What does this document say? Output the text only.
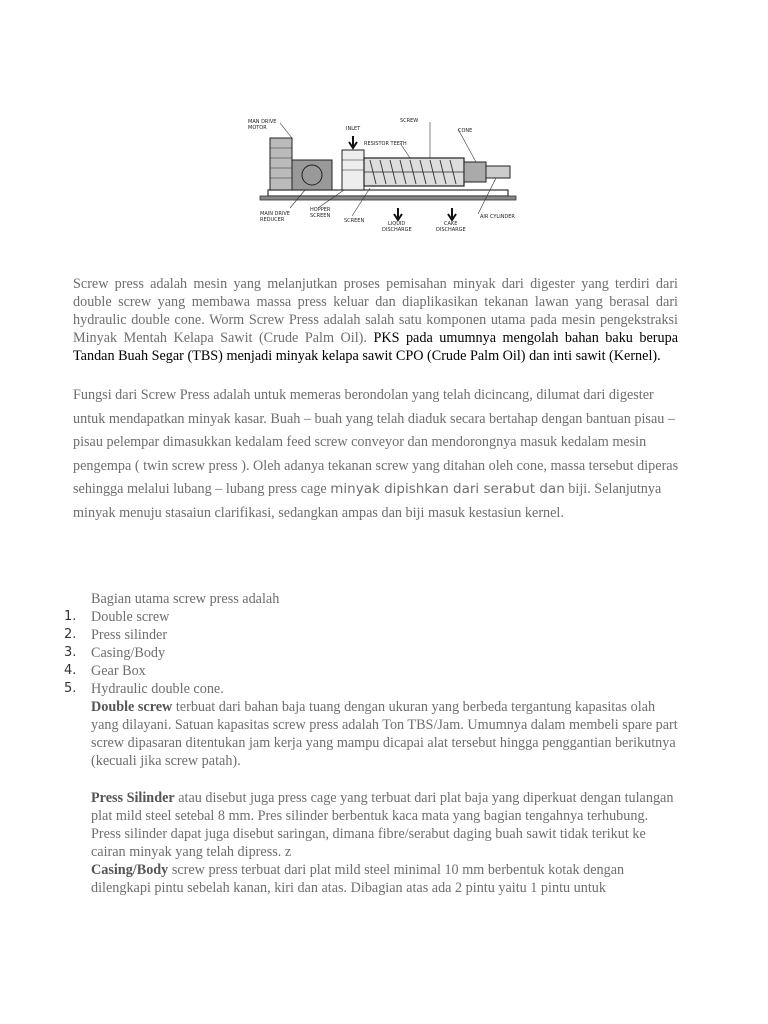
MAN DRIVE
MOTOR	INLET
SCREW
CONE
RESISTOR TEETH
MAIN DRIVE
REDUCER
HOPPER
SCREEN
SCREEN	LIQUID
DISCHARGE
CAKE
DISCHARGE
AIR CYLINDER

Screw press adalah mesin yang melanjutkan proses pemisahan minyak dari digester yang terdiri dari double screw yang membawa massa press keluar dan diaplikasikan tekanan lawan yang berasal dari hydraulic double cone. Worm Screw Press adalah salah satu komponen utama pada mesin pengekstraksi Minyak Mentah Kelapa Sawit (Crude Palm Oil). PKS pada umumnya mengolah bahan baku berupa Tandan Buah Segar (TBS) menjadi minyak kelapa sawit CPO (Crude Palm Oil) dan inti sawit (Kernel).

Fungsi dari Screw Press adalah untuk memeras berondolan yang telah dicincang, dilumat dari digester untuk mendapatkan minyak kasar. Buah – buah yang telah diaduk secara bertahap dengan bantuan pisau – pisau pelempar dimasukkan kedalam feed screw conveyor dan mendorongnya masuk kedalam mesin pengempa ( twin screw press ). Oleh adanya tekanan screw yang ditahan oleh cone, massa tersebut diperas sehingga melalui lubang – lubang press cage minyak dipishkan dari serabut dan biji. Selanjutnya minyak menuju stasaiun clarifikasi, sedangkan ampas dan biji masuk kestasiun kernel.

Bagian utama screw press adalah
1.	Double screw
2.	Press silinder
3.	Casing/Body
4.	Gear Box
5.	Hydraulic double cone.
Double screw terbuat dari bahan baja tuang dengan ukuran yang berbeda tergantung kapasitas olah yang dilayani. Satuan kapasitas screw press adalah Ton TBS/Jam. Umumnya dalam membeli spare part screw dipasaran ditentukan jam kerja yang mampu dicapai alat tersebut hingga penggantian berikutnya (kecuali jika screw patah).
Press Silinder atau disebut juga press cage yang terbuat dari plat baja yang diperkuat dengan tulangan plat mild steel setebal 8 mm. Pres silinder berbentuk kaca mata yang bagian tengahnya terhubung. Press silinder dapat juga disebut saringan, dimana fibre/serabut daging buah sawit tidak terikut ke cairan minyak yang telah dipress. z
Casing/Body screw press terbuat dari plat mild steel minimal 10 mm berbentuk kotak dengan dilengkapi pintu sebelah kanan, kiri dan atas. Dibagian atas ada 2 pintu yaitu 1 pintu untuk
